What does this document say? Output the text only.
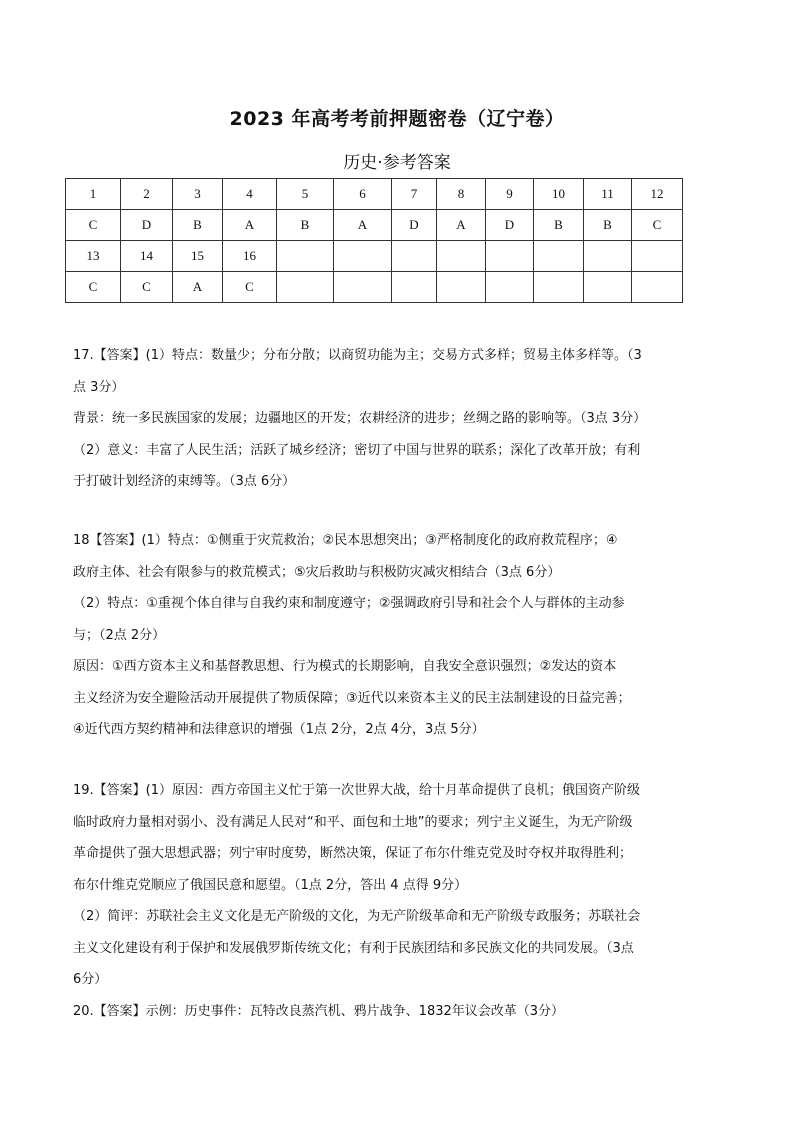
2023 年高考考前押题密卷（辽宁卷）
历史·参考答案
1	2	3	4	5	6	7	8	9	10	11	12
C	D	B	A	B	A	D	A	D	B	B	C
13	14	15	16								
C	C	A	C								

17.【答案】(1）特点：数量少；分布分散；以商贸功能为主；交易方式多样；贸易主体多样等。（3

点 3分）

背景：统一多民族国家的发展；边疆地区的开发；农耕经济的进步；丝绸之路的影响等。（3点 3分）

（2）意义：丰富了人民生活；活跃了城乡经济；密切了中国与世界的联系；深化了改革开放；有利

于打破计划经济的束缚等。（3点 6分）

18【答案】(1）特点：①侧重于灾荒救治；②民本思想突出；③严格制度化的政府救荒程序；④

政府主体、社会有限参与的救荒模式；⑤灾后救助与积极防灾减灾相结合（3点 6分）

（2）特点：①重视个体自律与自我约束和制度遵守；②强调政府引导和社会个人与群体的主动参

与；（2点 2分）

原因：①西方资本主义和基督教思想、行为模式的长期影响，自我安全意识强烈；②发达的资本

主义经济为安全避险活动开展提供了物质保障；③近代以来资本主义的民主法制建设的日益完善；

④近代西方契约精神和法律意识的增强（1点 2分，2点 4分，3点 5分）

19.【答案】(1）原因：西方帝国主义忙于第一次世界大战，给十月革命提供了良机；俄国资产阶级

临时政府力量相对弱小、没有满足人民对“和平、面包和土地”的要求；列宁主义诞生，为无产阶级

革命提供了强大思想武器；列宁审时度势，断然决策，保证了布尔什维克党及时夺权并取得胜利；

布尔什维克党顺应了俄国民意和愿望。（1点 2分，答出 4 点得 9分）

（2）简评：苏联社会主义文化是无产阶级的文化，为无产阶级革命和无产阶级专政服务；苏联社会

主义文化建设有利于保护和发展俄罗斯传统文化；有利于民族团结和多民族文化的共同发展。（3点

6分）

20.【答案】示例：历史事件：瓦特改良蒸汽机、鸦片战争、1832年议会改革（3分）
